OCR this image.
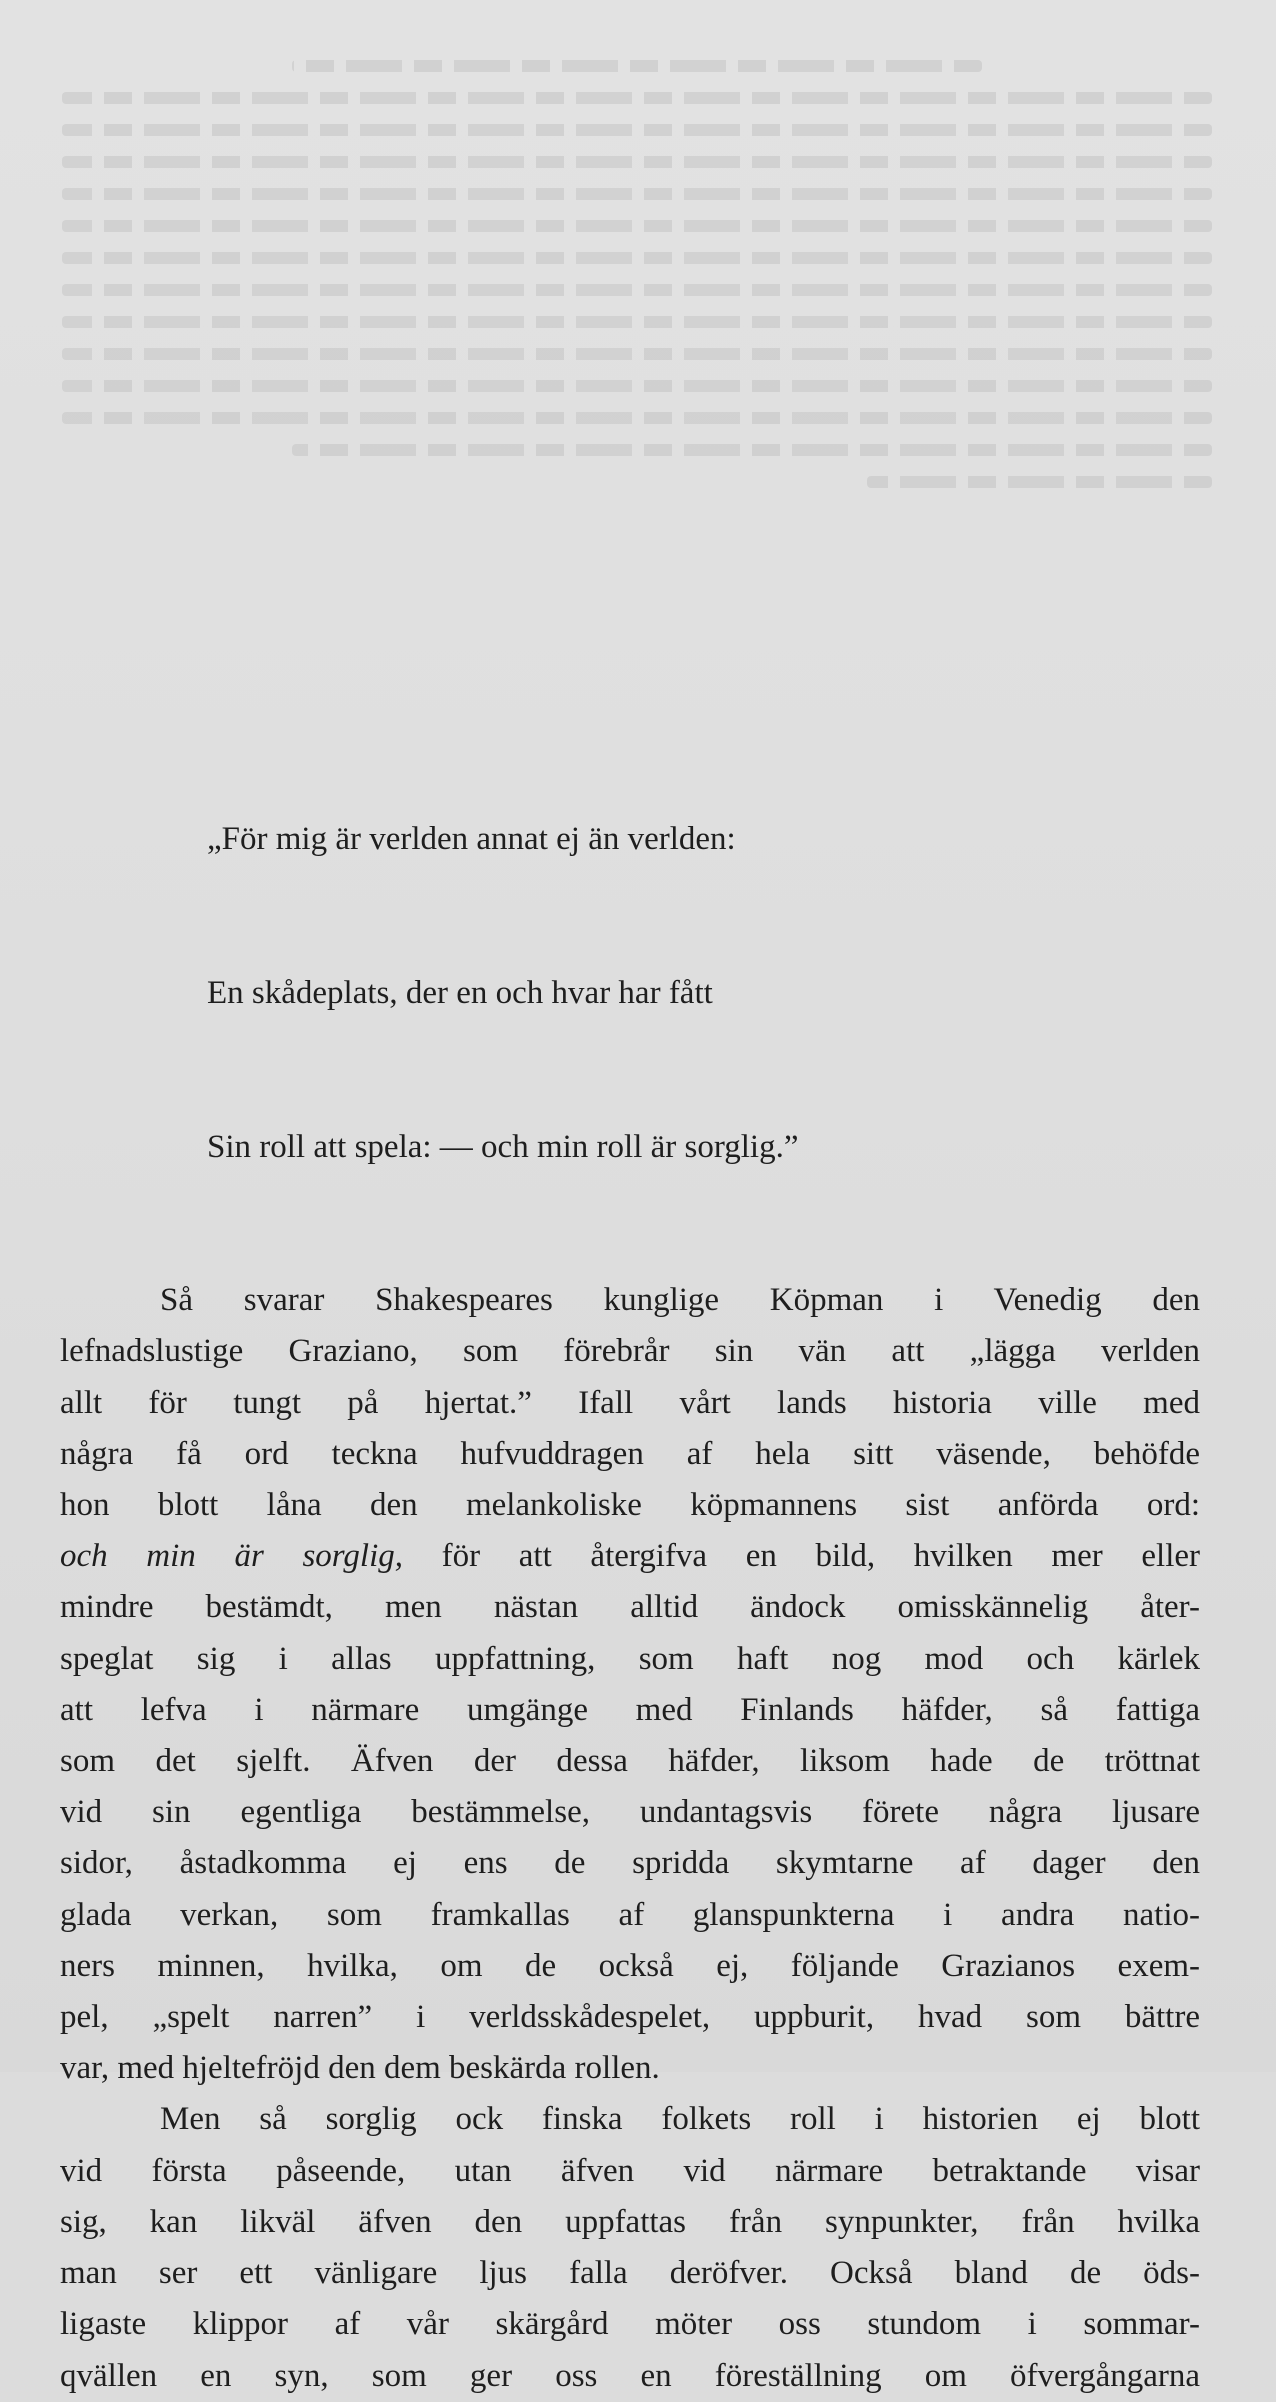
„För mig är verlden annat ej än verlden:

En skådeplats, der en och hvar har fått

Sin roll att spela: — och min roll är sorglig.”

Så svarar Shakespeares kunglige Köpman i Venedig den
lefnadslustige Graziano, som förebrår sin vän att „lägga verlden
allt för tungt på hjertat.” Ifall vårt lands historia ville med
några få ord teckna hufvuddragen af hela sitt väsende, behöfde
hon blott låna den melankoliske köpmannens sist anförda ord:
och min är sorglig, för att återgifva en bild, hvilken mer eller
mindre bestämdt, men nästan alltid ändock omisskännelig åter-
speglat sig i allas uppfattning, som haft nog mod och kärlek
att lefva i närmare umgänge med Finlands häfder, så fattiga
som det sjelft. Äfven der dessa häfder, liksom hade de tröttnat
vid sin egentliga bestämmelse, undantagsvis förete några ljusare
sidor, åstadkomma ej ens de spridda skymtarne af dager den
glada verkan, som framkallas af glanspunkterna i andra natio-
ners minnen, hvilka, om de också ej, följande Grazianos exem-
pel, „spelt narren” i verldsskådespelet, uppburit, hvad som bättre
var, med hjeltefröjd den dem beskärda rollen.
Men så sorglig ock finska folkets roll i historien ej blott
vid första påseende, utan äfven vid närmare betraktande visar
sig, kan likväl äfven den uppfattas från synpunkter, från hvilka
man ser ett vänligare ljus falla deröfver. Också bland de öds-
ligaste klippor af vår skärgård möter oss stundom i sommar-
qvällen en syn, som ger oss en föreställning om öfvergångarna
